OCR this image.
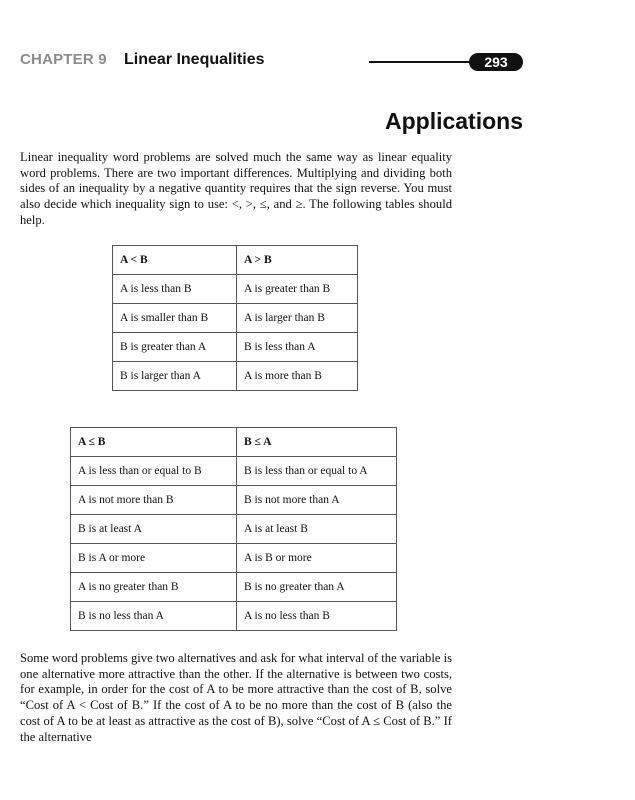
CHAPTER 9 Linear Inequalities	293
Applications

Linear inequality word problems are solved much the same way as linear equality word problems. There are two important differences. Multiplying and dividing both sides of an inequality by a negative quantity requires that the sign reverse. You must also decide which inequality sign to use: <, >, ≤, and ≥. The following tables should help.

A < B	A > B
A is less than B	A is greater than B
A is smaller than B	A is larger than B
B is greater than A	B is less than A
B is larger than A	A is more than B
A ≤ B	B ≤ A
A is less than or equal to B	B is less than or equal to A
A is not more than B	B is not more than A
B is at least A	A is at least B
B is A or more	A is B or more
A is no greater than B	B is no greater than A
B is no less than A	A is no less than B

Some word problems give two alternatives and ask for what interval of the variable is one alternative more attractive than the other. If the alternative is between two costs, for example, in order for the cost of A to be more attractive than the cost of B, solve “Cost of A < Cost of B.” If the cost of A to be no more than the cost of B (also the cost of A to be at least as attractive as the cost of B), solve “Cost of A ≤ Cost of B.” If the alternative
